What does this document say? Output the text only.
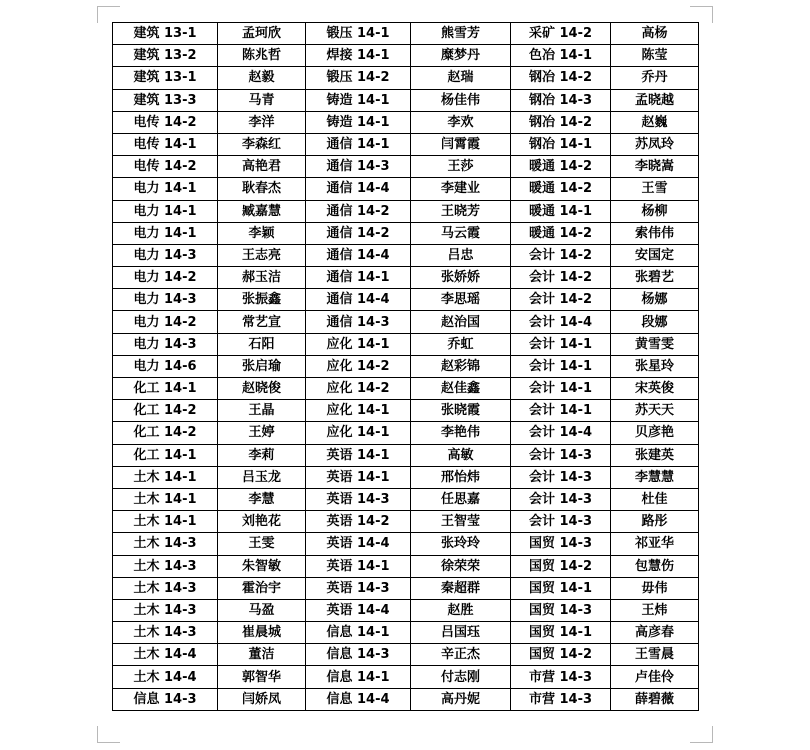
建筑 13-1	孟珂欣	锻压 14-1	熊雪芳	采矿 14-2	高杨
建筑 13-2	陈兆哲	焊接 14-1	糜梦丹	色冶 14-1	陈莹
建筑 13-1	赵毅	锻压 14-2	赵瑞	钢冶 14-2	乔丹
建筑 13-3	马青	铸造 14-1	杨佳伟	钢冶 14-3	孟晓越
电传 14-2	李洋	铸造 14-1	李欢	钢冶 14-2	赵巍
电传 14-1	李森红	通信 14-1	闫霄霞	钢冶 14-1	苏凤玲
电传 14-2	高艳君	通信 14-3	王莎	暖通 14-2	李晓嵩
电力 14-1	耿春杰	通信 14-4	李建业	暖通 14-2	王雪
电力 14-1	臧嘉慧	通信 14-2	王晓芳	暖通 14-1	杨柳
电力 14-1	李颖	通信 14-2	马云霞	暖通 14-2	索伟伟
电力 14-3	王志亮	通信 14-4	吕忠	会计 14-2	安国定
电力 14-2	郝玉洁	通信 14-1	张娇娇	会计 14-2	张碧艺
电力 14-3	张振鑫	通信 14-4	李思瑶	会计 14-2	杨娜
电力 14-2	常艺宣	通信 14-3	赵治国	会计 14-4	段娜
电力 14-3	石阳	应化 14-1	乔虹	会计 14-1	黄雪雯
电力 14-6	张启瑜	应化 14-2	赵彩锦	会计 14-1	张星玲
化工 14-1	赵晓俊	应化 14-2	赵佳鑫	会计 14-1	宋英俊
化工 14-2	王晶	应化 14-1	张晓霞	会计 14-1	苏天天
化工 14-2	王婷	应化 14-1	李艳伟	会计 14-4	贝彦艳
化工 14-1	李莉	英语 14-1	高敏	会计 14-3	张建英
土木 14-1	吕玉龙	英语 14-1	邢怡炜	会计 14-3	李慧慧
土木 14-1	李慧	英语 14-3	任思嘉	会计 14-3	杜佳
土木 14-1	刘艳花	英语 14-2	王智莹	会计 14-3	路彤
土木 14-3	王雯	英语 14-4	张玲玲	国贸 14-3	祁亚华
土木 14-3	朱智敏	英语 14-1	徐荣荣	国贸 14-2	包慧伤
土木 14-3	霍治宇	英语 14-3	秦超群	国贸 14-1	毋伟
土木 14-3	马盈	英语 14-4	赵胜	国贸 14-3	王炜
土木 14-3	崔晨城	信息 14-1	吕国珏	国贸 14-1	高彦春
土木 14-4	董洁	信息 14-3	辛正杰	国贸 14-2	王雪晨
土木 14-4	郭智华	信息 14-1	付志刚	市营 14-3	卢佳伶
信息 14-3	闫娇凤	信息 14-4	高丹妮	市营 14-3	薛碧薇
